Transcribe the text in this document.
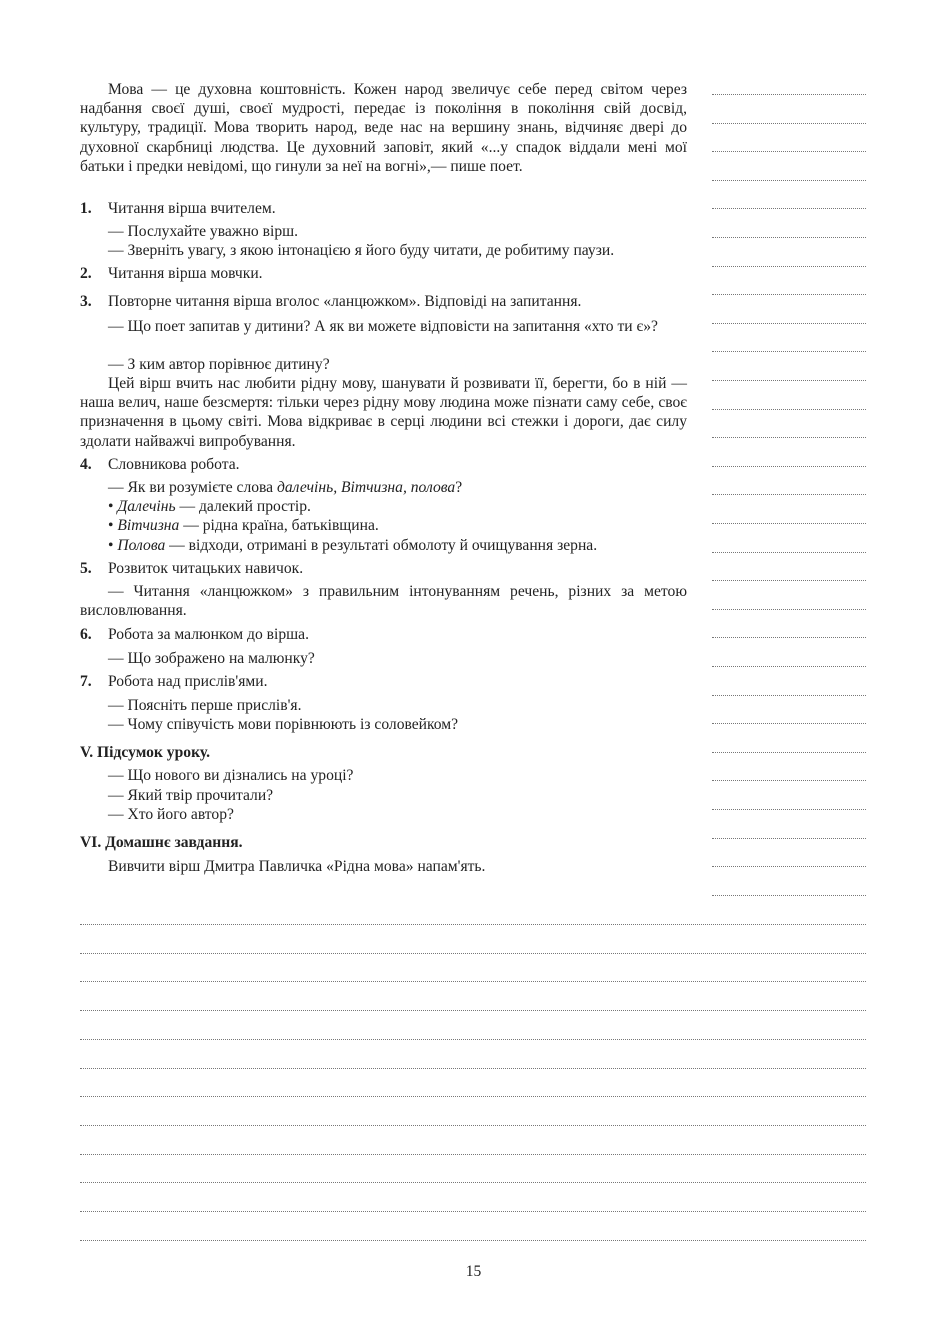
Мова — це духовна коштовність. Кожен народ звеличує себе перед світом через надбання своєї душі, своєї мудрості, передає із покоління в покоління свій досвід, культуру, традиції. Мова творить народ, веде нас на вершину знань, відчиняє двері до духовної скарбниці людства. Це духовний заповіт, який «...у спадок віддали мені мої батьки і предки невідомі, що гинули за неї на вогні»,— пише поет.
1. Читання вірша вчителем.
— Послухайте уважно вірш.
— Зверніть увагу, з якою інтонацією я його буду читати, де робитиму паузи.
2. Читання вірша мовчки.
3. Повторне читання вірша вголос «ланцюжком». Відповіді на запитання.
— Що поет запитав у дитини? А як ви можете відповісти на запитання «хто ти є»?
— З ким автор порівнює дитину?
Цей вірш вчить нас любити рідну мову, шанувати й розвивати її, берегти, бо в ній — наша велич, наше безсмертя: тільки через рідну мову людина може пізнати саму себе, своє призначення в цьому світі. Мова відкриває в серці людини всі стежки і дороги, дає силу здолати найважчі випробування.
4. Словникова робота.
— Як ви розумієте слова далечінь, Вітчизна, полова?
• Далечінь — далекий простір.
• Вітчизна — рідна країна, батьківщина.
• Полова — відходи, отримані в результаті обмолоту й очищування зерна.
5. Розвиток читацьких навичок.
— Читання «ланцюжком» з правильним інтонуванням речень, різних за метою висловлювання.
6. Робота за малюнком до вірша.
— Що зображено на малюнку?
7. Робота над прислів'ями.
— Поясніть перше прислів'я.
— Чому співучість мови порівнюють із соловейком?
V. Підсумок уроку.
— Що нового ви дізнались на уроці?
— Який твір прочитали?
— Хто його автор?
VI. Домашнє завдання.
Вивчити вірш Дмитра Павличка «Рідна мова» напам'ять.
15
